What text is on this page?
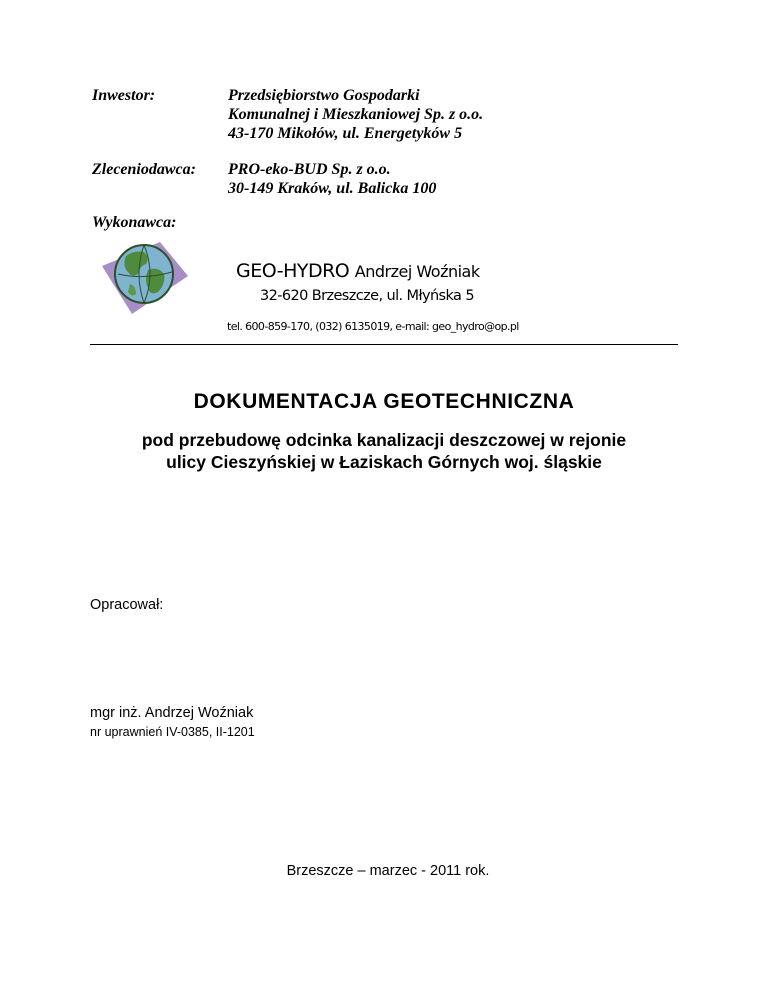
Inwestor:	Przedsiębiorstwo Gospodarki
Komunalnej i Mieszkaniowej Sp. z o.o.
43-170 Mikołów, ul. Energetyków 5
Zleceniodawca: PRO-eko-BUD Sp. z o.o.
30-149 Kraków, ul. Balicka 100
Wykonawca:
GEO-HYDRO Andrzej Woźniak
32-620 Brzeszcze, ul. Młyńska 5
tel. 600-859-170, (032) 6135019, e-mail: geo_hydro@op.pl
DOKUMENTACJA GEOTECHNICZNA
pod przebudowę odcinka kanalizacji deszczowej w rejonie
ulicy Cieszyńskiej w Łaziskach Górnych woj. śląskie
Opracował:
mgr inż. Andrzej Woźniak
nr uprawnień IV-0385, II-1201
Brzeszcze – marzec - 2011 rok.
